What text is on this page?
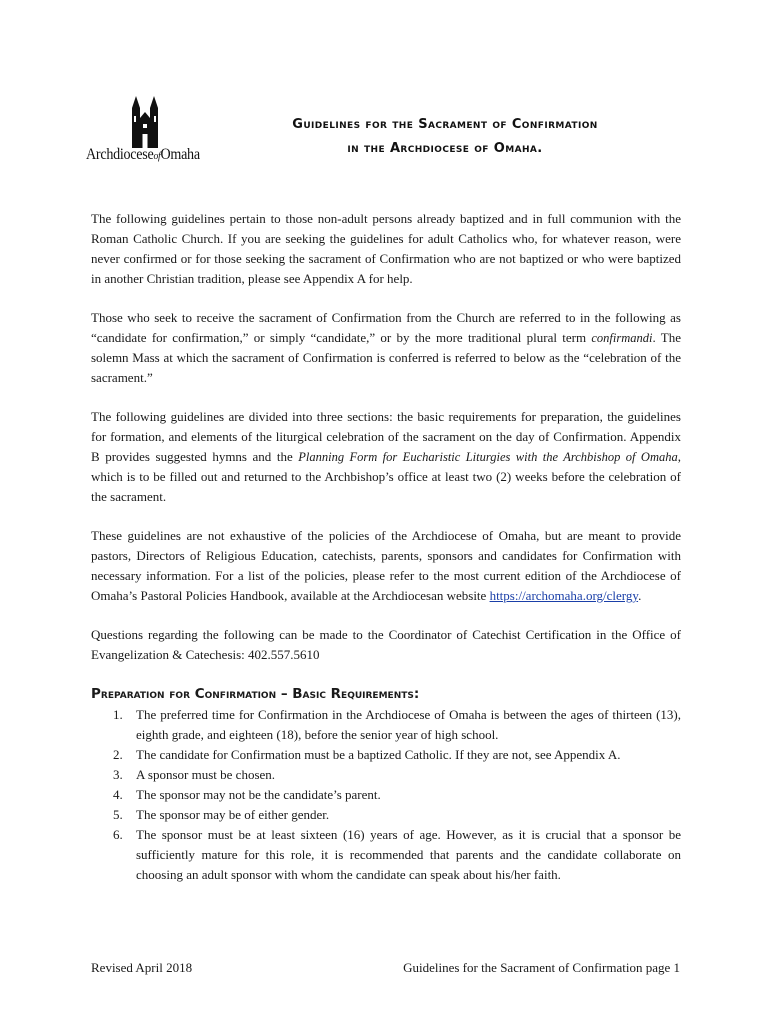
ArchdioceseofOmaha
Guidelines for the Sacrament of Confirmation
in the Archdiocese of Omaha.

The following guidelines pertain to those non-adult persons already baptized and in full communion with the Roman Catholic Church. If you are seeking the guidelines for adult Catholics who, for whatever reason, were never confirmed or for those seeking the sacrament of Confirmation who are not baptized or who were baptized in another Christian tradition, please see Appendix A for help.

Those who seek to receive the sacrament of Confirmation from the Church are referred to in the following as “candidate for confirmation,” or simply “candidate,” or by the more traditional plural term confirmandi. The solemn Mass at which the sacrament of Confirmation is conferred is referred to below as the “celebration of the sacrament.”

The following guidelines are divided into three sections: the basic requirements for preparation, the guidelines for formation, and elements of the liturgical celebration of the sacrament on the day of Confirmation. Appendix B provides suggested hymns and the Planning Form for Eucharistic Liturgies with the Archbishop of Omaha, which is to be filled out and returned to the Archbishop’s office at least two (2) weeks before the celebration of the sacrament.

These guidelines are not exhaustive of the policies of the Archdiocese of Omaha, but are meant to provide pastors, Directors of Religious Education, catechists, parents, sponsors and candidates for Confirmation with necessary information. For a list of the policies, please refer to the most current edition of the Archdiocese of Omaha’s Pastoral Policies Handbook, available at the Archdiocesan website https://archomaha.org/clergy.

Questions regarding the following can be made to the Coordinator of Catechist Certification in the Office of Evangelization & Catechesis: 402.557.5610

Preparation for Confirmation – Basic Requirements:
1. The preferred time for Confirmation in the Archdiocese of Omaha is between the ages of thirteen (13), eighth grade, and eighteen (18), before the senior year of high school.
2. The candidate for Confirmation must be a baptized Catholic. If they are not, see Appendix A.
3. A sponsor must be chosen.
4. The sponsor may not be the candidate’s parent.
5. The sponsor may be of either gender.
6. The sponsor must be at least sixteen (16) years of age. However, as it is crucial that a sponsor be sufficiently mature for this role, it is recommended that parents and the candidate collaborate on choosing an adult sponsor with whom the candidate can speak about his/her faith.
Revised April 2018	Guidelines for the Sacrament of Confirmation page 1
